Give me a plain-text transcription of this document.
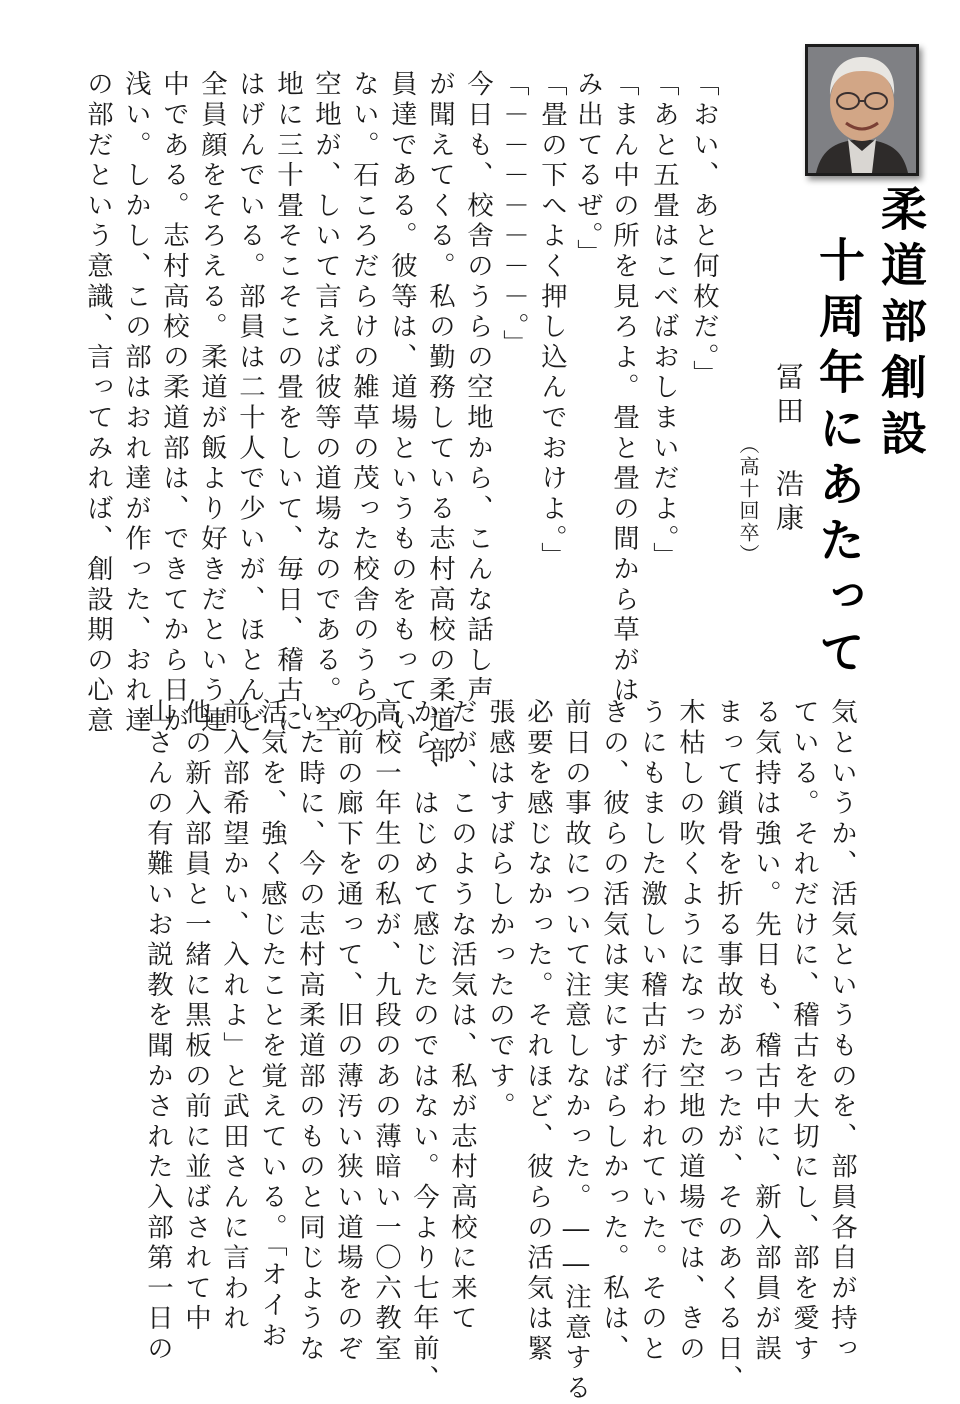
柔道部創設
十周年にあたって
冨田 浩康
（高十回卒）
「おい、あと何枚だ。」
「あと五畳はこべばおしまいだよ。」
「まん中の所を見ろよ。畳と畳の間から草がは
み出てるぜ。」
「畳の下へよく押し込んでおけよ。」
「－－－－－－－。」
今日も、校舎のうらの空地から、こんな話し声
が聞えてくる。私の勤務している志村高校の柔道部
員達である。彼等は、道場というものをもってい
ない。石ころだらけの雑草の茂った校舎のうらの
空地が、しいて言えば彼等の道場なのである。空
地に三十畳そこそこの畳をしいて、毎日、稽古に
はげんでいる。部員は二十人で少いが、ほとんど
全員顔をそろえる。柔道が飯より好きだという連
中である。志村高校の柔道部は、できてから日が
浅い。しかし、この部はおれ達が作った、おれ達
の部だという意識、言ってみれば、創設期の心意
気というか、活気というものを、部員各自が持っ
ている。それだけに、稽古を大切にし、部を愛す
る気持は強い。先日も、稽古中に、新入部員が誤
まって鎖骨を折る事故があったが、そのあくる日、
木枯しの吹くようになった空地の道場では、きの
うにもました激しい稽古が行われていた。そのと
きの、彼らの活気は実にすばらしかった。私は、
前日の事故について注意しなかった。――注意する
必要を感じなかった。それほど、彼らの活気は緊
張感はすばらしかったのです。
だが、このような活気は、私が志村高校に来て
から、はじめて感じたのではない。今より七年前、
高校一年生の私が、九段のあの薄暗い一〇六教室
の前の廊下を通って、旧の薄汚い狭い道場をのぞ
いた時に、今の志村高柔道部のものと同じような
活気を、強く感じたことを覚えている。「オイお
前入部希望かい、入れよ」と武田さんに言われ
他の新入部員と一緒に黒板の前に並ばされて中
山さんの有難いお説教を聞かされた入部第一日の
